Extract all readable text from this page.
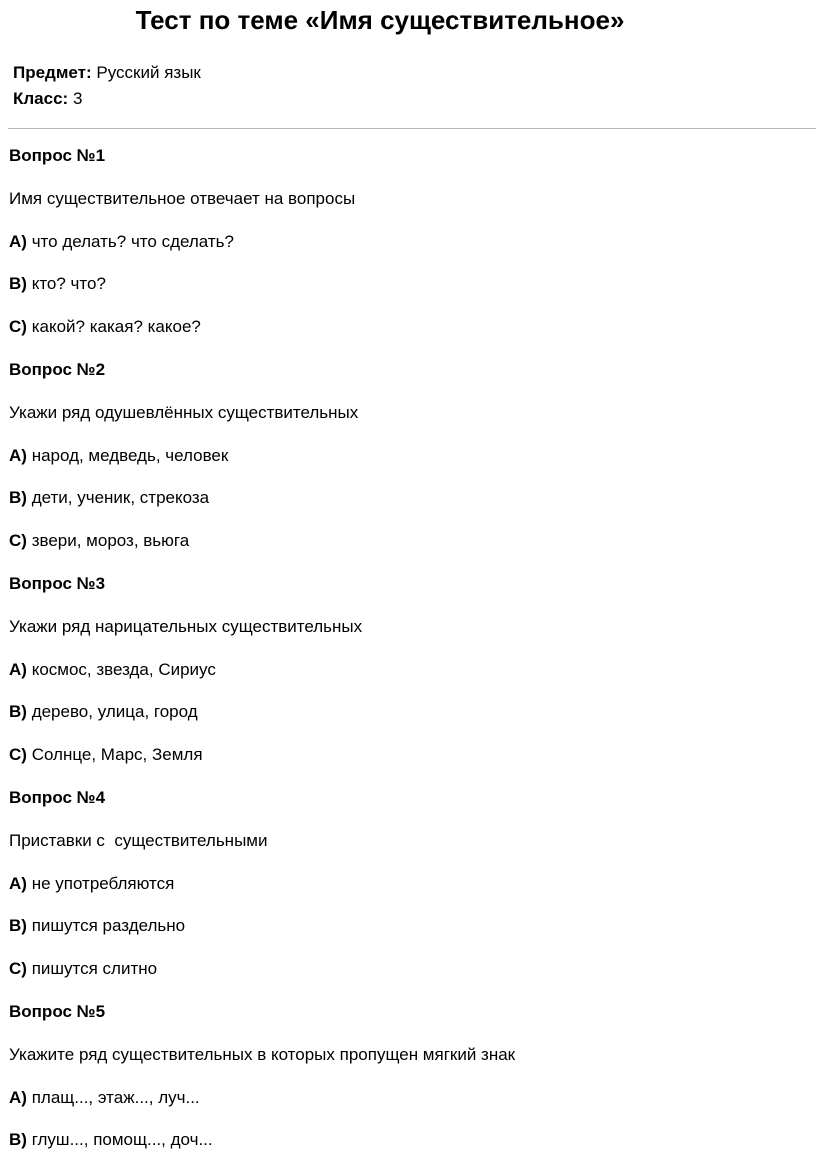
Тест по теме «Имя существительное»
Предмет: Русский язык
Класс: 3
Вопрос №1
Имя существительное отвечает на вопросы
A) что делать? что сделать?
B) кто? что?
C) какой? какая? какое?
Вопрос №2
Укажи ряд одушевлённых существительных
A) народ, медведь, человек
B) дети, ученик, стрекоза
C) звери, мороз, вьюга
Вопрос №3
Укажи ряд нарицательных существительных
A) космос, звезда, Сириус
B) дерево, улица, город
C) Солнце, Марс, Земля
Вопрос №4
Приставки с  существительными
A) не употребляются
B) пишутся раздельно
C) пишутся слитно
Вопрос №5
Укажите ряд существительных в которых пропущен мягкий знак
A) плащ..., этаж..., луч...
B) глуш..., помощ..., доч...
